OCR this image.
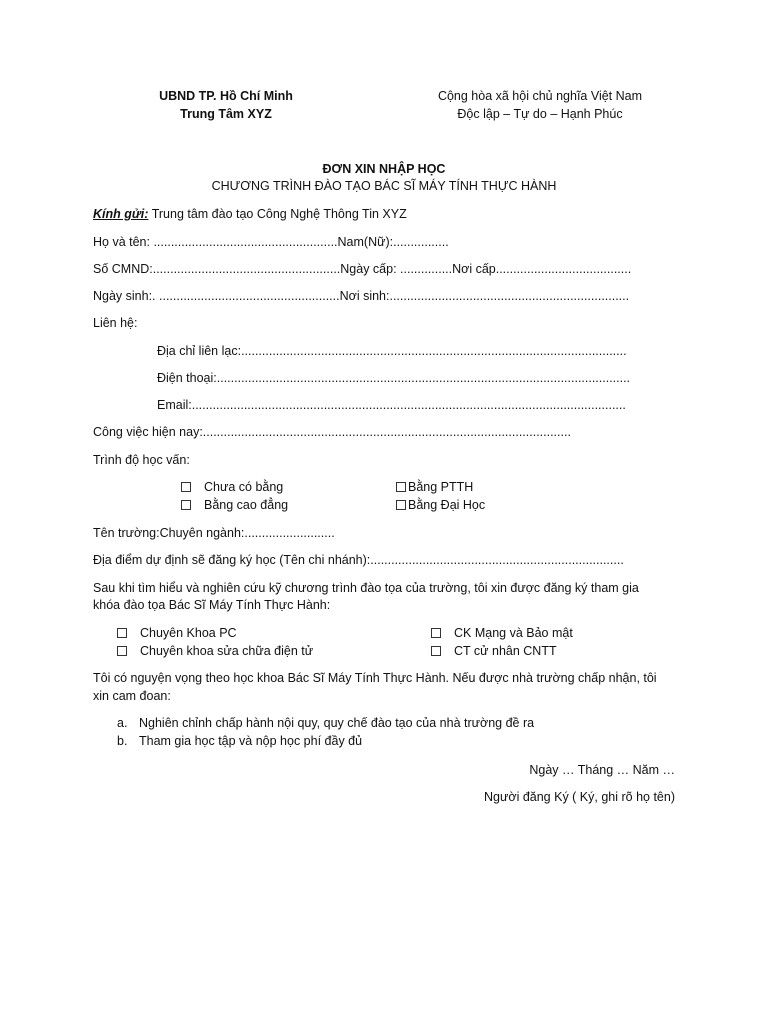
UBND TP. Hồ Chí Minh
Trung Tâm XYZ
Cộng hòa xã hội chủ nghĩa Việt Nam
Độc lập – Tự do – Hạnh Phúc
ĐƠN XIN NHẬP HỌC
CHƯƠNG TRÌNH ĐÀO TẠO BÁC SĨ MÁY TÍNH THỰC HÀNH
Kính gửi: Trung tâm đào tạo Công Nghệ Thông Tin XYZ
Họ và tên: .....................................................Nam(Nữ):................
Số CMND:......................................................Ngày cấp: ...............Nơi cấp.......................................
Ngày sinh:. ....................................................Nơi sinh:.....................................................................
Liên hệ:
Địa chỉ liên lạc:...............................................................................................................
Điện thoại:.......................................................................................................................
Email:.............................................................................................................................
Công việc hiện nay:..........................................................................................................
Trình độ học vấn:
Chưa có bằng	Bằng PTTH
Bằng cao đẳng	Bằng Đại Học
Tên trường:Chuyên ngành:..........................
Địa điểm dự định sẽ đăng ký học (Tên chi nhánh):.........................................................................
Sau khi tìm hiểu và nghiên cứu kỹ chương trình đào tọa của trường, tôi xin được đăng ký tham gia
khóa đào tọa Bác Sĩ Máy Tính Thực Hành:
Chuyên Khoa PC	CK Mạng và Bảo mật
Chuyên khoa sửa chữa điện tử	CT cử nhân CNTT
Tôi có nguyện vọng theo học khoa Bác Sĩ Máy Tính Thực Hành. Nếu được nhà trường chấp nhận, tôi
xin cam đoan:
a. Nghiên chỉnh chấp hành nội quy, quy chế đào tạo của nhà trường đề ra
b. Tham gia học tập và nộp học phí đầy đủ
Ngày … Tháng … Năm …
Người đăng Ký ( Ký, ghi rõ họ tên)
